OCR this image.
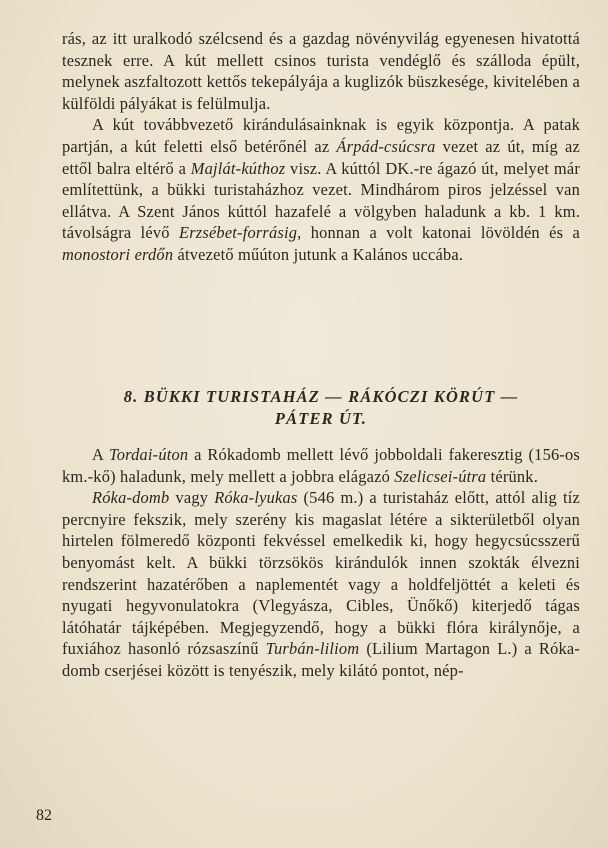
rás, az itt uralkodó szélcsend és a gazdag növényvilág egyenesen hivatottá tesznek erre. A kút mellett csinos turista vendéglő és szálloda épült, melynek aszfaltozott kettős tekepályája a kuglizók büszkesége, kivitelében a külföldi pályákat is felülmulja.

A kút továbbvezető kirándulásainknak is egyik központja. A patak partján, a kút feletti első betérőnél az Árpád-csúcsra vezet az út, míg az ettől balra eltérő a Majlát-kúthoz visz. A kúttól DK.-re ágazó út, melyet már említettünk, a bükki turistaházhoz vezet. Mindhárom piros jelzéssel van ellátva. A Szent János kúttól hazafelé a völgyben haladunk a kb. 1 km. távolságra lévő Erzsébet-forrásig, honnan a volt katonai lövöldén és a monostori erdőn átvezető műúton jutunk a Kalános uccába.

8. BÜKKI TURISTAHÁZ — RÁKÓCZI KÖRÚT —
PÁTER ÚT.

A Tordai-úton a Rókadomb mellett lévő jobboldali fakeresztig (156-os km.-kő) haladunk, mely mellett a jobbra elágazó Szelicsei-útra térünk.

Róka-domb vagy Róka-lyukas (546 m.) a turistaház előtt, attól alig tíz percnyire fekszik, mely szerény kis magaslat létére a sikterületből olyan hirtelen fölmeredő központi fekvéssel emelkedik ki, hogy hegycsúcsszerű benyomást kelt. A bükki törzsökös kirándulók innen szokták élvezni rendszerint hazatérőben a naplementét vagy a holdfeljöttét a keleti és nyugati hegyvonulatokra (Vlegyásza, Cibles, Ünőkő) kiterjedő tágas látóhatár tájképében. Megjegyzendő, hogy a bükki flóra királynője, a fuxiához hasonló rózsaszínű Turbán-liliom (Lilium Martagon L.) a Róka-domb cserjései között is tenyészik, mely kilátó pontot, nép-

82
